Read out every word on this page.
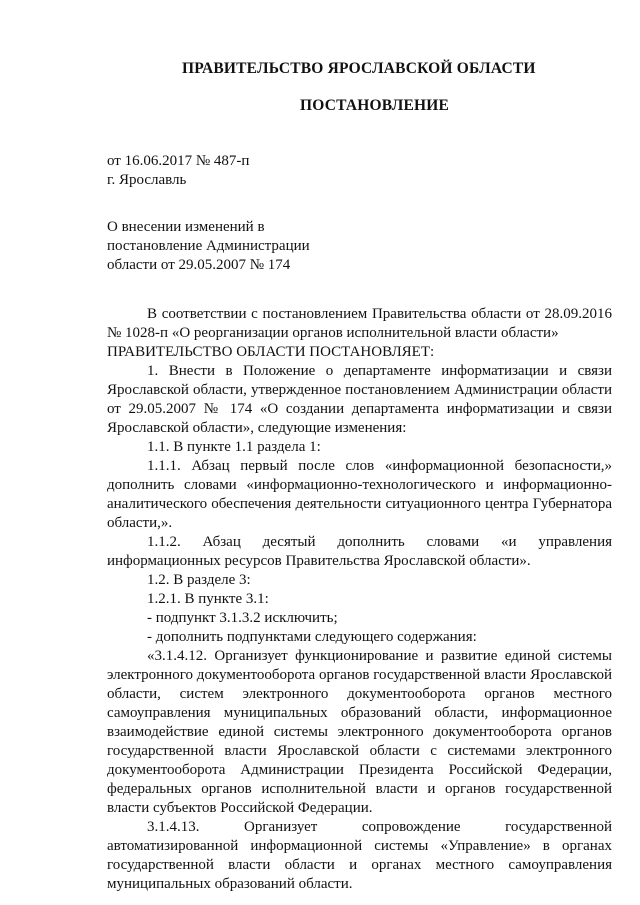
ПРАВИТЕЛЬСТВО ЯРОСЛАВСКОЙ ОБЛАСТИ
ПОСТАНОВЛЕНИЕ
от 16.06.2017 № 487-п
г. Ярославль
О внесении изменений в
постановление Администрации
области от 29.05.2007 № 174

В соответствии с постановлением Правительства области от 28.09.2016 № 1028-п «О реорганизации органов исполнительной власти области»

ПРАВИТЕЛЬСТВО ОБЛАСТИ ПОСТАНОВЛЯЕТ:

1. Внести в Положение о департаменте информатизации и связи Ярославской области, утвержденное постановлением Администрации области от 29.05.2007 № 174 «О создании департамента информатизации и связи Ярославской области», следующие изменения:

1.1. В пункте 1.1 раздела 1:

1.1.1. Абзац первый после слов «информационной безопасности,» дополнить словами «информационно-технологического и информационно-аналитического обеспечения деятельности ситуационного центра Губернатора области,».

1.1.2. Абзац десятый дополнить словами «и управления информационных ресурсов Правительства Ярославской области».

1.2. В разделе 3:

1.2.1. В пункте 3.1:

- подпункт 3.1.3.2 исключить;

- дополнить подпунктами следующего содержания:

«3.1.4.12. Организует функционирование и развитие единой системы электронного документооборота органов государственной власти Ярославской области, систем электронного документооборота органов местного самоуправления муниципальных образований области, информационное взаимодействие единой системы электронного документооборота органов государственной власти Ярославской области с системами электронного документооборота Администрации Президента Российской Федерации, федеральных органов исполнительной власти и органов государственной власти субъектов Российской Федерации.

3.1.4.13. Организует сопровождение государственной автоматизированной информационной системы «Управление» в органах государственной власти области и органах местного самоуправления муниципальных образований области.
